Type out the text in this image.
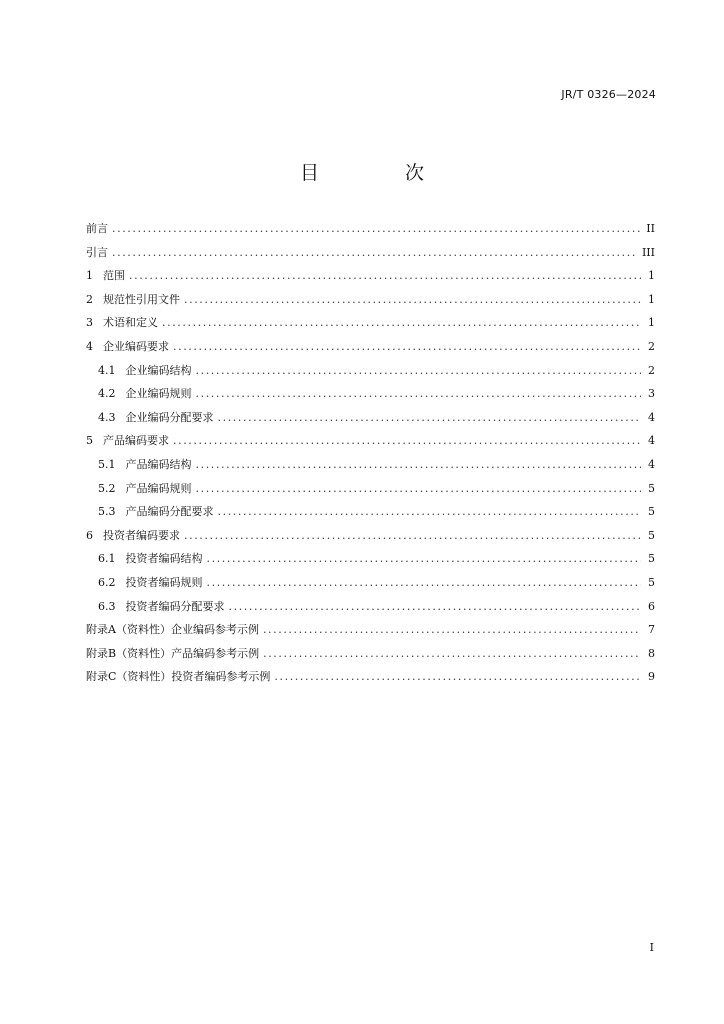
JR/T 0326—2024
目 次
前言 .....	II
引言 .....	III
1 范围 .....	1
2 规范性引用文件 .....	1
3 术语和定义 .....	1
4 企业编码要求 .....	2
4.1 企业编码结构 .....	2
4.2 企业编码规则 .....	3
4.3 企业编码分配要求 .....	4
5 产品编码要求 .....	4
5.1 产品编码结构 .....	4
5.2 产品编码规则 .....	5
5.3 产品编码分配要求 .....	5
6 投资者编码要求 .....	5
6.1 投资者编码结构 .....	5
6.2 投资者编码规则 .....	5
6.3 投资者编码分配要求 .....	6
附录A（资料性）企业编码参考示例 .....	7
附录B（资料性）产品编码参考示例 .....	8
附录C（资料性）投资者编码参考示例 .....	9
I
